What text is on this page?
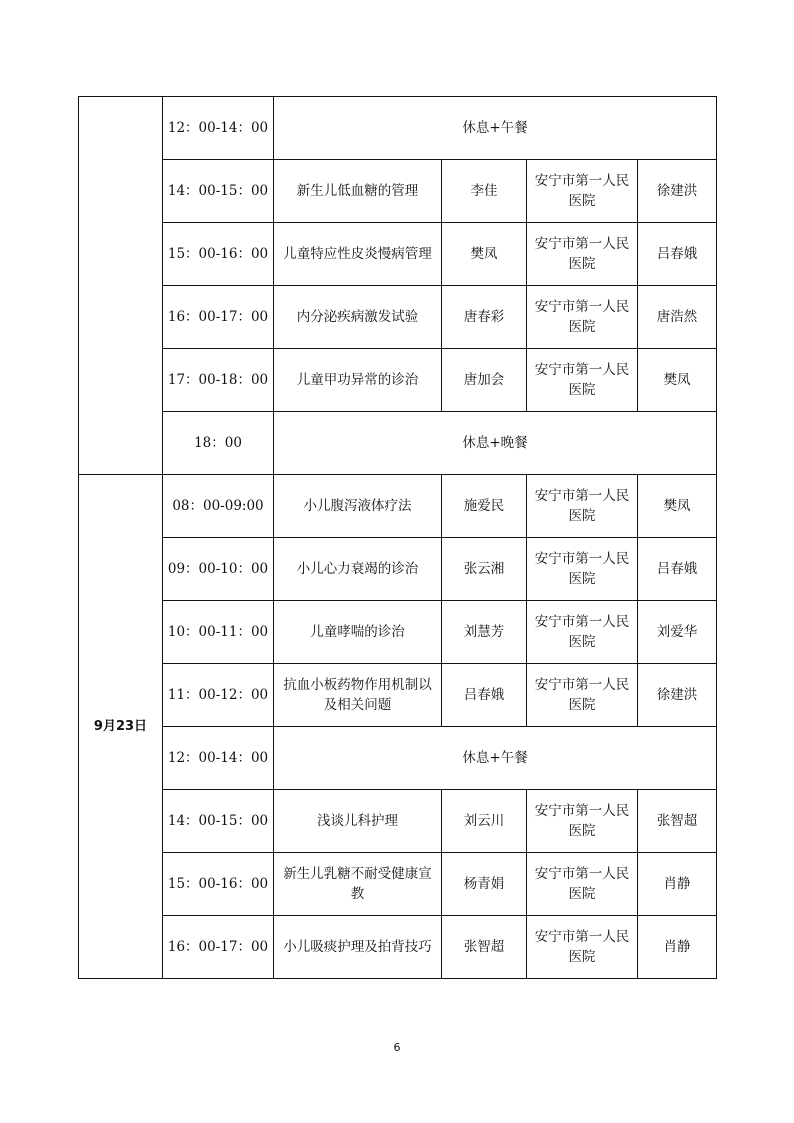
	12：00-14：00	休息+午餐			
	14：00-15：00	新生儿低血糖的管理	李佳	安宁市第一人民医院	徐建洪
	15：00-16：00	儿童特应性皮炎慢病管理	樊凤	安宁市第一人民医院	吕春娥
	16：00-17：00	内分泌疾病激发试验	唐春彩	安宁市第一人民医院	唐浩然
	17：00-18：00	儿童甲功异常的诊治	唐加会	安宁市第一人民医院	樊凤
	18：00	休息+晚餐			
9月23日	08：00-09:00	小儿腹泻液体疗法	施爱民	安宁市第一人民医院	樊凤
	09：00-10：00	小儿心力衰竭的诊治	张云湘	安宁市第一人民医院	吕春娥
	10：00-11：00	儿童哮喘的诊治	刘慧芳	安宁市第一人民医院	刘爱华
	11：00-12：00	抗血小板药物作用机制以及相关问题	吕春娥	安宁市第一人民医院	徐建洪
	12：00-14：00	休息+午餐			
	14：00-15：00	浅谈儿科护理	刘云川	安宁市第一人民医院	张智超
	15：00-16：00	新生儿乳糖不耐受健康宣教	杨青娟	安宁市第一人民医院	肖静
	16：00-17：00	小儿吸痰护理及拍背技巧	张智超	安宁市第一人民医院	肖静
6
